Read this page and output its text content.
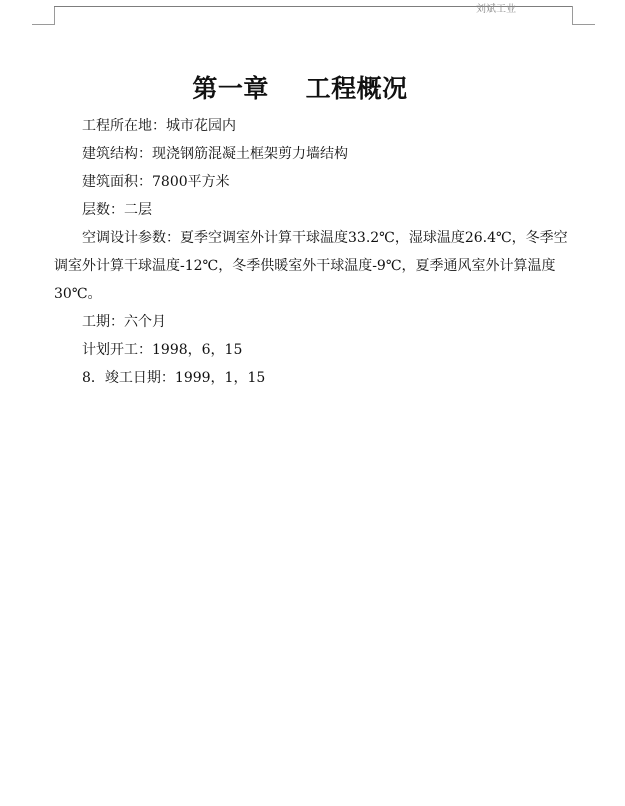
刘斌工业
第一章    工程概况

工程所在地：城市花园内

建筑结构：现浇钢筋混凝土框架剪力墙结构

建筑面积：7800平方米

层数：二层

空调设计参数：夏季空调室外计算干球温度33.2℃，湿球温度26.4℃，冬季空调室外计算干球温度-12℃，冬季供暖室外干球温度-9℃，夏季通风室外计算温度30℃。

工期：六个月

计划开工：1998，6，15

8．竣工日期：1999，1，15
